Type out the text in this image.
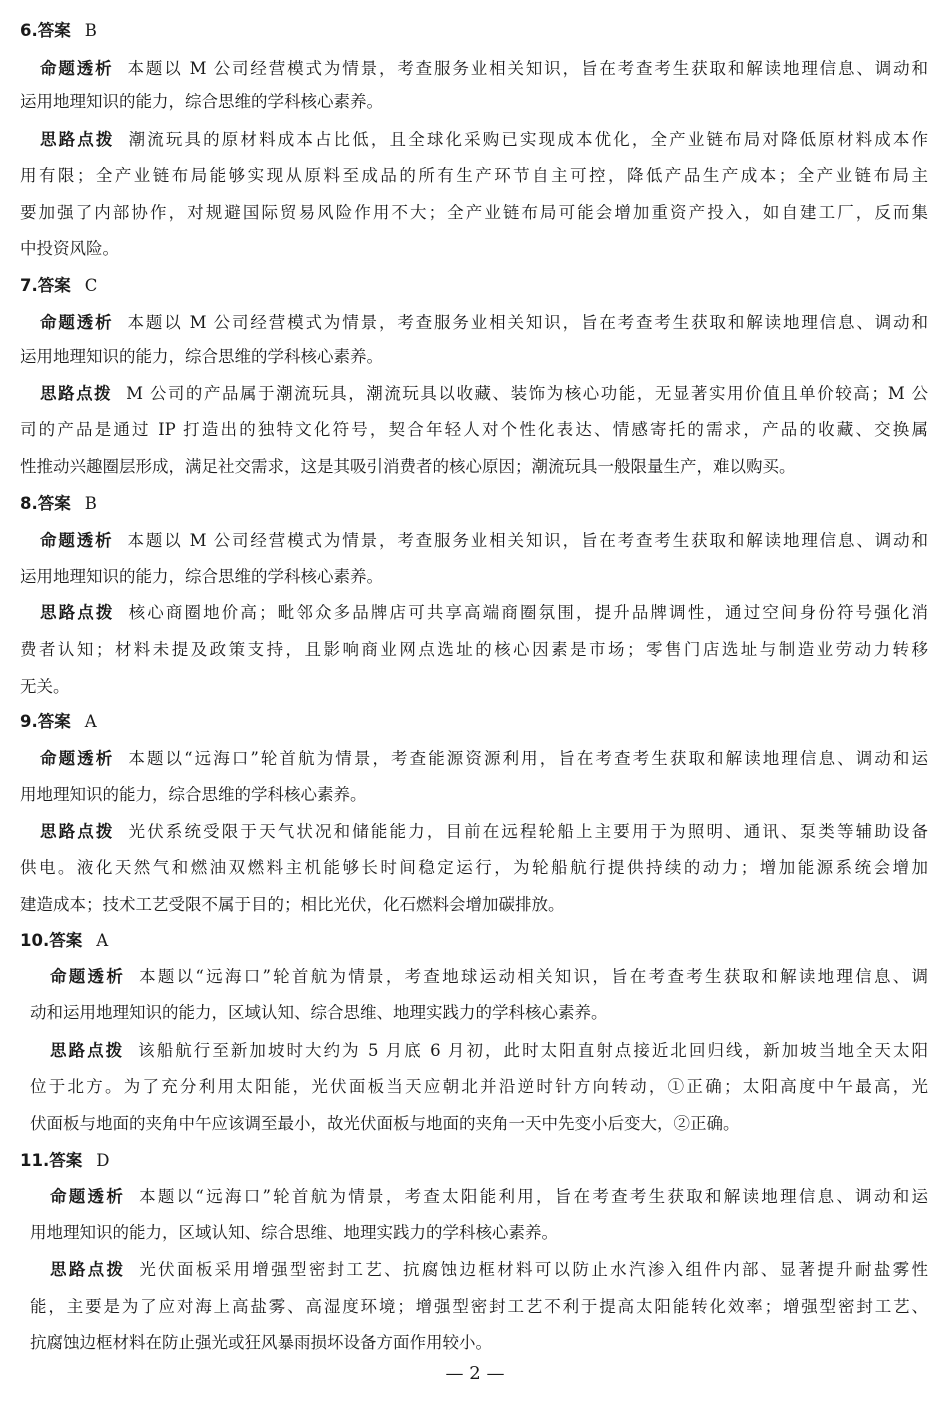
6.答案 B
命题透析 本题以 M 公司经营模式为情景，考查服务业相关知识，旨在考查考生获取和解读地理信息、调动和
运用地理知识的能力，综合思维的学科核心素养。
思路点拨 潮流玩具的原材料成本占比低，且全球化采购已实现成本优化，全产业链布局对降低原材料成本作
用有限；全产业链布局能够实现从原料至成品的所有生产环节自主可控，降低产品生产成本；全产业链布局主
要加强了内部协作，对规避国际贸易风险作用不大；全产业链布局可能会增加重资产投入，如自建工厂，反而集
中投资风险。
7.答案 C
命题透析 本题以 M 公司经营模式为情景，考查服务业相关知识，旨在考查考生获取和解读地理信息、调动和
运用地理知识的能力，综合思维的学科核心素养。
思路点拨 M 公司的产品属于潮流玩具，潮流玩具以收藏、装饰为核心功能，无显著实用价值且单价较高；M 公
司的产品是通过 IP 打造出的独特文化符号，契合年轻人对个性化表达、情感寄托的需求，产品的收藏、交换属
性推动兴趣圈层形成，满足社交需求，这是其吸引消费者的核心原因；潮流玩具一般限量生产，难以购买。
8.答案 B
命题透析 本题以 M 公司经营模式为情景，考查服务业相关知识，旨在考查考生获取和解读地理信息、调动和
运用地理知识的能力，综合思维的学科核心素养。
思路点拨 核心商圈地价高；毗邻众多品牌店可共享高端商圈氛围，提升品牌调性，通过空间身份符号强化消
费者认知；材料未提及政策支持，且影响商业网点选址的核心因素是市场；零售门店选址与制造业劳动力转移
无关。
9.答案 A
命题透析 本题以“远海口”轮首航为情景，考查能源资源利用，旨在考查考生获取和解读地理信息、调动和运
用地理知识的能力，综合思维的学科核心素养。
思路点拨 光伏系统受限于天气状况和储能能力，目前在远程轮船上主要用于为照明、通讯、泵类等辅助设备
供电。液化天然气和燃油双燃料主机能够长时间稳定运行，为轮船航行提供持续的动力；增加能源系统会增加
建造成本；技术工艺受限不属于目的；相比光伏，化石燃料会增加碳排放。
10.答案 A
命题透析 本题以“远海口”轮首航为情景，考查地球运动相关知识，旨在考查考生获取和解读地理信息、调
动和运用地理知识的能力，区域认知、综合思维、地理实践力的学科核心素养。
思路点拨 该船航行至新加坡时大约为 5 月底 6 月初，此时太阳直射点接近北回归线，新加坡当地全天太阳
位于北方。为了充分利用太阳能，光伏面板当天应朝北并沿逆时针方向转动，①正确；太阳高度中午最高，光
伏面板与地面的夹角中午应该调至最小，故光伏面板与地面的夹角一天中先变小后变大，②正确。
11.答案 D
命题透析 本题以“远海口”轮首航为情景，考查太阳能利用，旨在考查考生获取和解读地理信息、调动和运
用地理知识的能力，区域认知、综合思维、地理实践力的学科核心素养。
思路点拨 光伏面板采用增强型密封工艺、抗腐蚀边框材料可以防止水汽渗入组件内部、显著提升耐盐雾性
能，主要是为了应对海上高盐雾、高湿度环境；增强型密封工艺不利于提高太阳能转化效率；增强型密封工艺、
抗腐蚀边框材料在防止强光或狂风暴雨损坏设备方面作用较小。
— 2 —
